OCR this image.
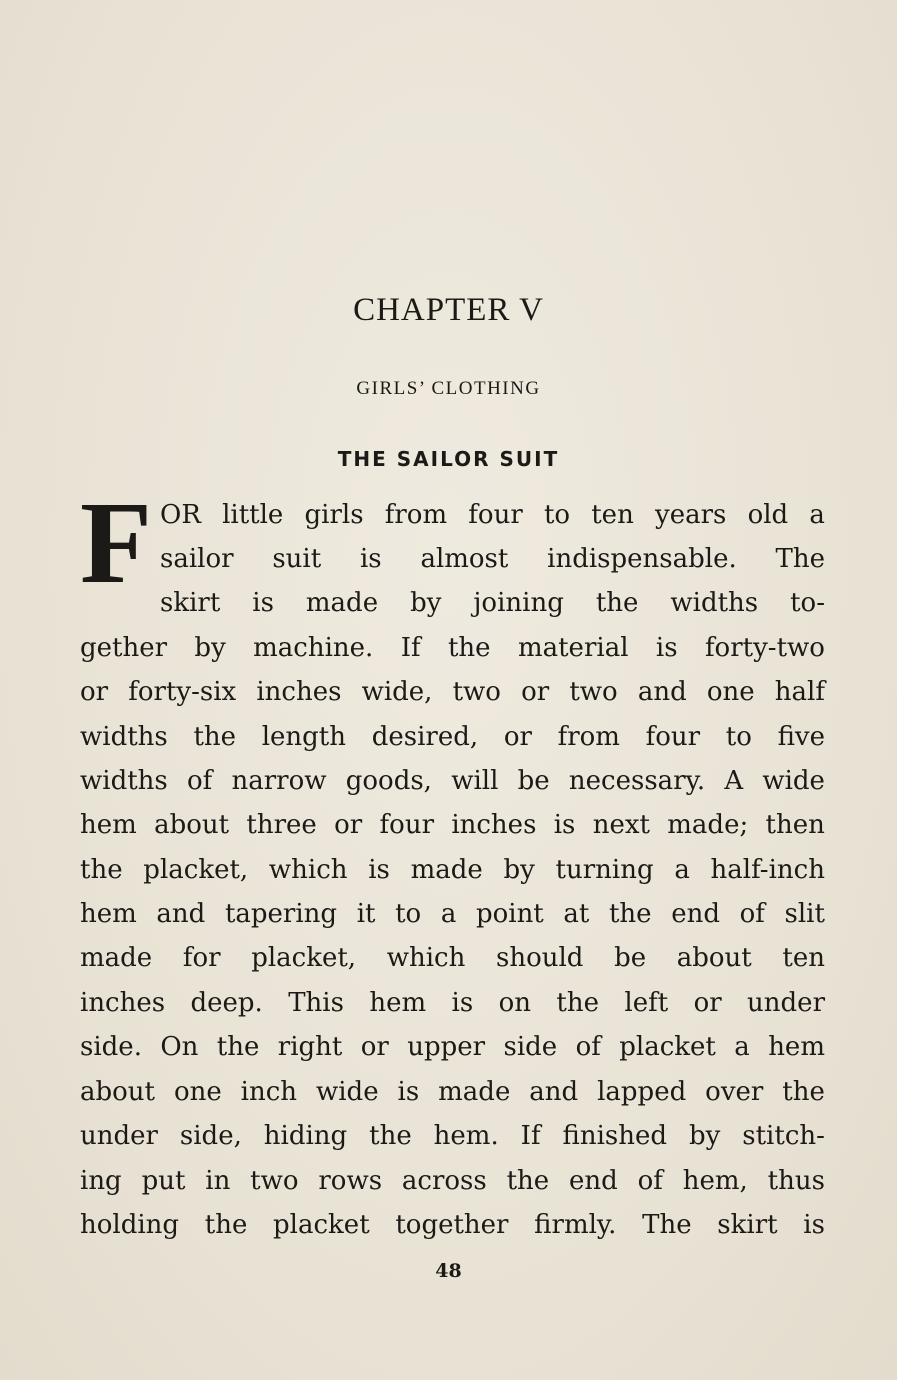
CHAPTER V
GIRLS’ CLOTHING
THE SAILOR SUIT
F OR little girls from four to ten years old a
sailor suit is almost indispensable. The
skirt is made by joining the widths to-
gether by machine. If the material is forty-two
or forty-six inches wide, two or two and one half
widths the length desired, or from four to five
widths of narrow goods, will be necessary. A wide
hem about three or four inches is next made; then
the placket, which is made by turning a half-inch
hem and tapering it to a point at the end of slit
made for placket, which should be about ten
inches deep. This hem is on the left or under
side. On the right or upper side of placket a hem
about one inch wide is made and lapped over the
under side, hiding the hem. If finished by stitch-
ing put in two rows across the end of hem, thus
holding the placket together firmly. The skirt is
48
